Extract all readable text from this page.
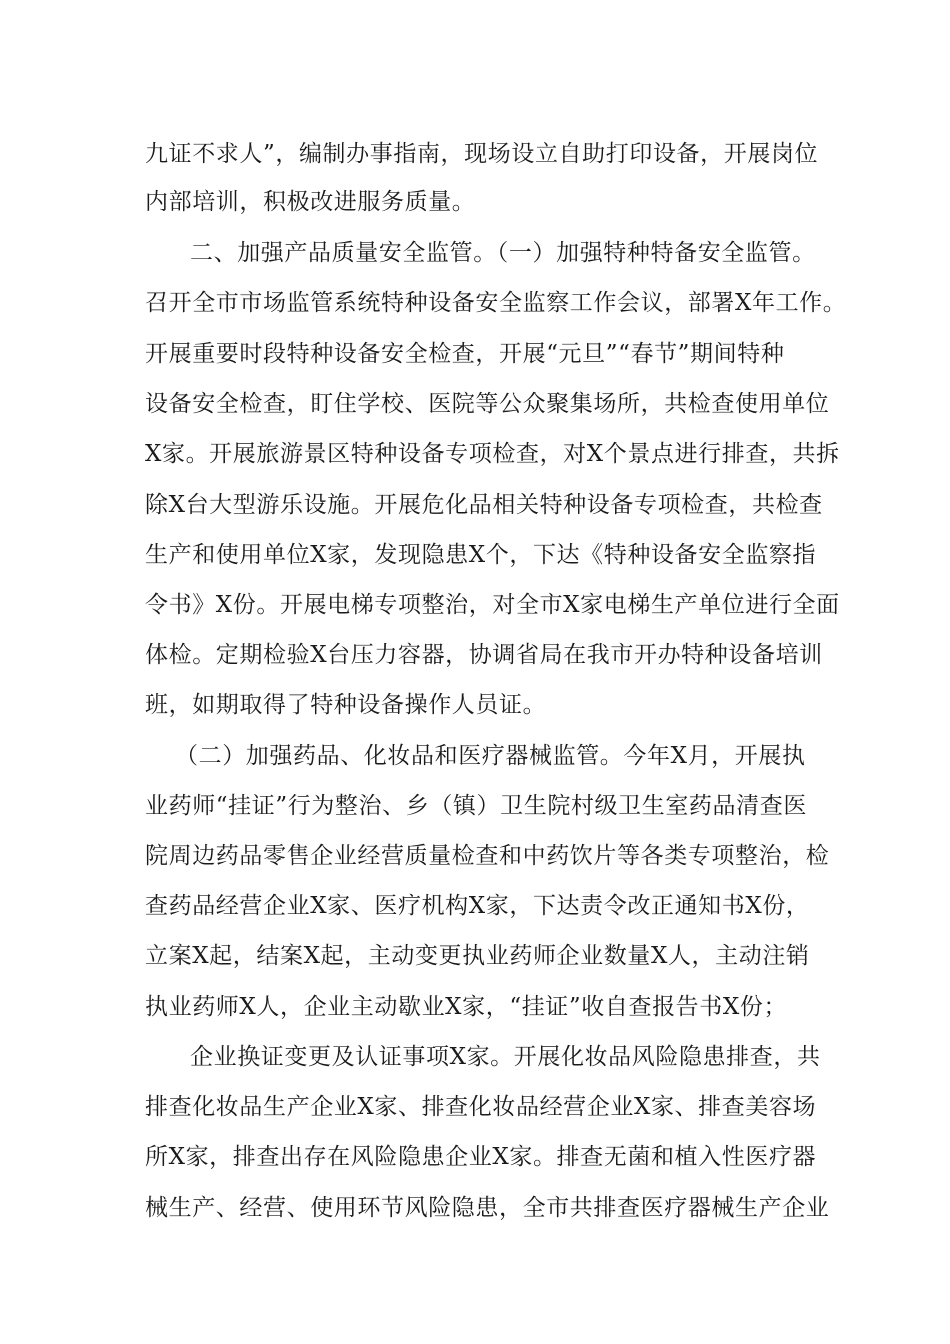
九证不求人”，编制办事指南，现场设立自助打印设备，开展岗位
内部培训，积极改进服务质量。
二、加强产品质量安全监管。（一）加强特种特备安全监管。
召开全市市场监管系统特种设备安全监察工作会议，部署X年工作。
开展重要时段特种设备安全检查，开展“元旦”“春节”期间特种
设备安全检查，盯住学校、医院等公众聚集场所，共检查使用单位
X家。开展旅游景区特种设备专项检查，对X个景点进行排查，共拆
除X台大型游乐设施。开展危化品相关特种设备专项检查，共检查
生产和使用单位X家，发现隐患X个，下达《特种设备安全监察指
令书》X份。开展电梯专项整治，对全市X家电梯生产单位进行全面
体检。定期检验X台压力容器，协调省局在我市开办特种设备培训
班，如期取得了特种设备操作人员证。
（二）加强药品、化妆品和医疗器械监管。今年X月，开展执
业药师“挂证”行为整治、乡（镇）卫生院村级卫生室药品清查医
院周边药品零售企业经营质量检查和中药饮片等各类专项整治，检
查药品经营企业X家、医疗机构X家，下达责令改正通知书X份，
立案X起，结案X起，主动变更执业药师企业数量X人，主动注销
执业药师X人，企业主动歇业X家，“挂证”收自查报告书X份；
企业换证变更及认证事项X家。开展化妆品风险隐患排查，共
排查化妆品生产企业X家、排查化妆品经营企业X家、排查美容场
所X家，排查出存在风险隐患企业X家。排查无菌和植入性医疗器
械生产、经营、使用环节风险隐患，全市共排查医疗器械生产企业
